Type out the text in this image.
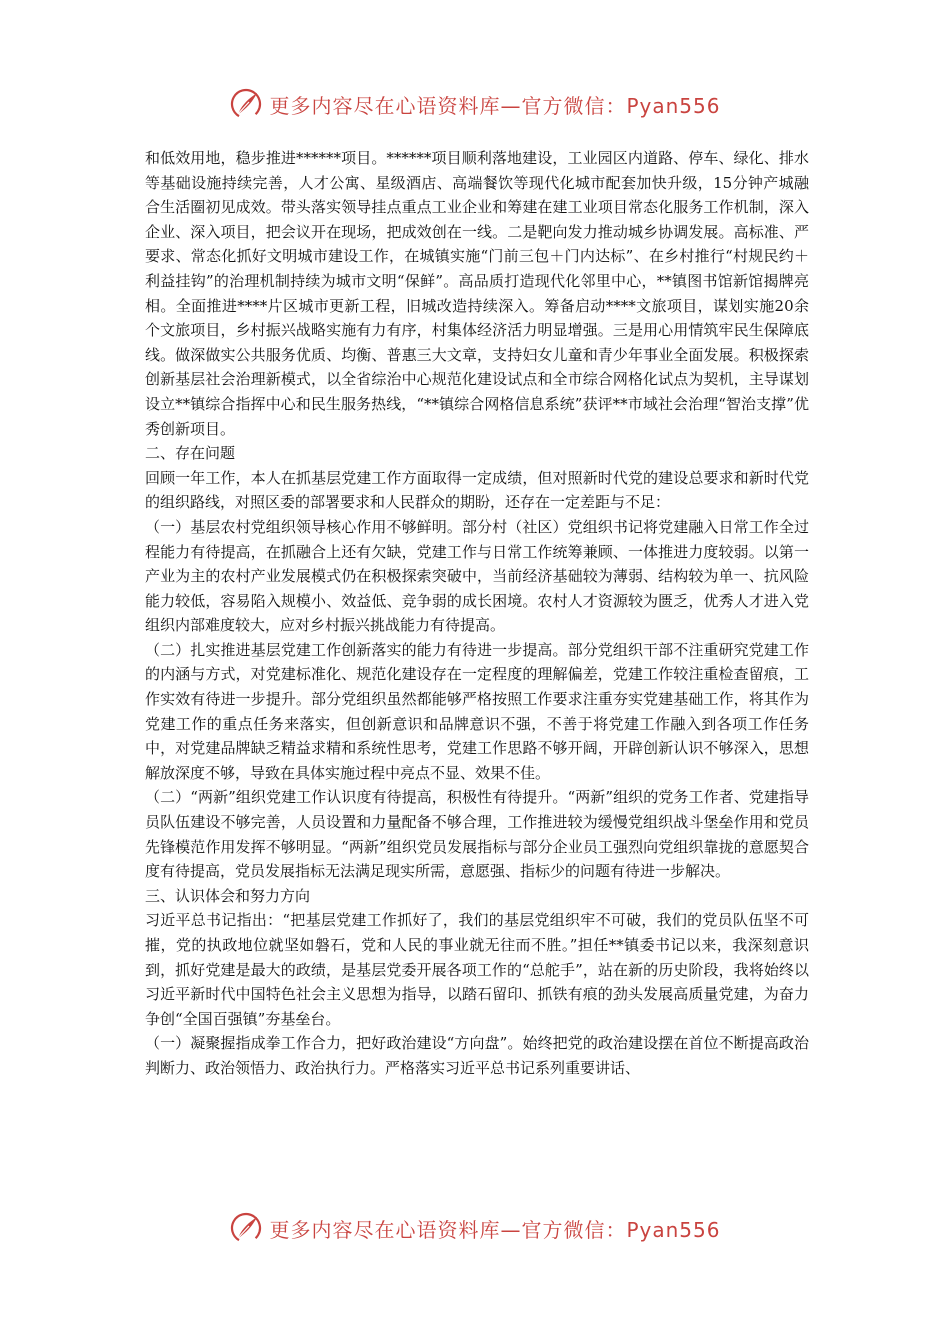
更多内容尽在心语资料库—官方微信：Pyan556

和低效用地，稳步推进******项目。******项目顺利落地建设，工业园区内道路、停车、绿化、排水等基础设施持续完善，人才公寓、星级酒店、高端餐饮等现代化城市配套加快升级，15分钟产城融合生活圈初见成效。带头落实领导挂点重点工业企业和筹建在建工业项目常态化服务工作机制，深入企业、深入项目，把会议开在现场，把成效创在一线。二是靶向发力推动城乡协调发展。高标准、严要求、常态化抓好文明城市建设工作，在城镇实施“门前三包＋门内达标”、在乡村推行“村规民约＋利益挂钩”的治理机制持续为城市文明“保鲜”。高品质打造现代化邻里中心，**镇图书馆新馆揭牌亮相。全面推进****片区城市更新工程，旧城改造持续深入。筹备启动****文旅项目，谋划实施20余个文旅项目，乡村振兴战略实施有力有序，村集体经济活力明显增强。三是用心用情筑牢民生保障底线。做深做实公共服务优质、均衡、普惠三大文章，支持妇女儿童和青少年事业全面发展。积极探索创新基层社会治理新模式，以全省综治中心规范化建设试点和全市综合网格化试点为契机，主导谋划设立**镇综合指挥中心和民生服务热线，“**镇综合网格信息系统”获评**市域社会治理“智治支撑”优秀创新项目。

二、存在问题

回顾一年工作，本人在抓基层党建工作方面取得一定成绩，但对照新时代党的建设总要求和新时代党的组织路线，对照区委的部署要求和人民群众的期盼，还存在一定差距与不足：

（一）基层农村党组织领导核心作用不够鲜明。部分村（社区）党组织书记将党建融入日常工作全过程能力有待提高，在抓融合上还有欠缺，党建工作与日常工作统筹兼顾、一体推进力度较弱。以第一产业为主的农村产业发展模式仍在积极探索突破中，当前经济基础较为薄弱、结构较为单一、抗风险能力较低，容易陷入规模小、效益低、竞争弱的成长困境。农村人才资源较为匮乏，优秀人才进入党组织内部难度较大，应对乡村振兴挑战能力有待提高。

（二）扎实推进基层党建工作创新落实的能力有待进一步提高。部分党组织干部不注重研究党建工作的内涵与方式，对党建标准化、规范化建设存在一定程度的理解偏差，党建工作较注重检查留痕，工作实效有待进一步提升。部分党组织虽然都能够严格按照工作要求注重夯实党建基础工作，将其作为党建工作的重点任务来落实，但创新意识和品牌意识不强，不善于将党建工作融入到各项工作任务中，对党建品牌缺乏精益求精和系统性思考，党建工作思路不够开阔，开辟创新认识不够深入，思想解放深度不够，导致在具体实施过程中亮点不显、效果不佳。

（二）“两新”组织党建工作认识度有待提高，积极性有待提升。“两新”组织的党务工作者、党建指导员队伍建设不够完善，人员设置和力量配备不够合理，工作推进较为缓慢党组织战斗堡垒作用和党员先锋模范作用发挥不够明显。“两新”组织党员发展指标与部分企业员工强烈向党组织靠拢的意愿契合度有待提高，党员发展指标无法满足现实所需，意愿强、指标少的问题有待进一步解决。

三、认识体会和努力方向

习近平总书记指出：“把基层党建工作抓好了，我们的基层党组织牢不可破，我们的党员队伍坚不可摧，党的执政地位就坚如磐石，党和人民的事业就无往而不胜。”担任**镇委书记以来，我深刻意识到，抓好党建是最大的政绩，是基层党委开展各项工作的“总舵手”，站在新的历史阶段，我将始终以习近平新时代中国特色社会主义思想为指导，以踏石留印、抓铁有痕的劲头发展高质量党建，为奋力争创“全国百强镇”夯基垒台。

（一）凝聚握指成拳工作合力，把好政治建设“方向盘”。始终把党的政治建设摆在首位不断提高政治判断力、政治领悟力、政治执行力。严格落实习近平总书记系列重要讲话、

更多内容尽在心语资料库—官方微信：Pyan556
